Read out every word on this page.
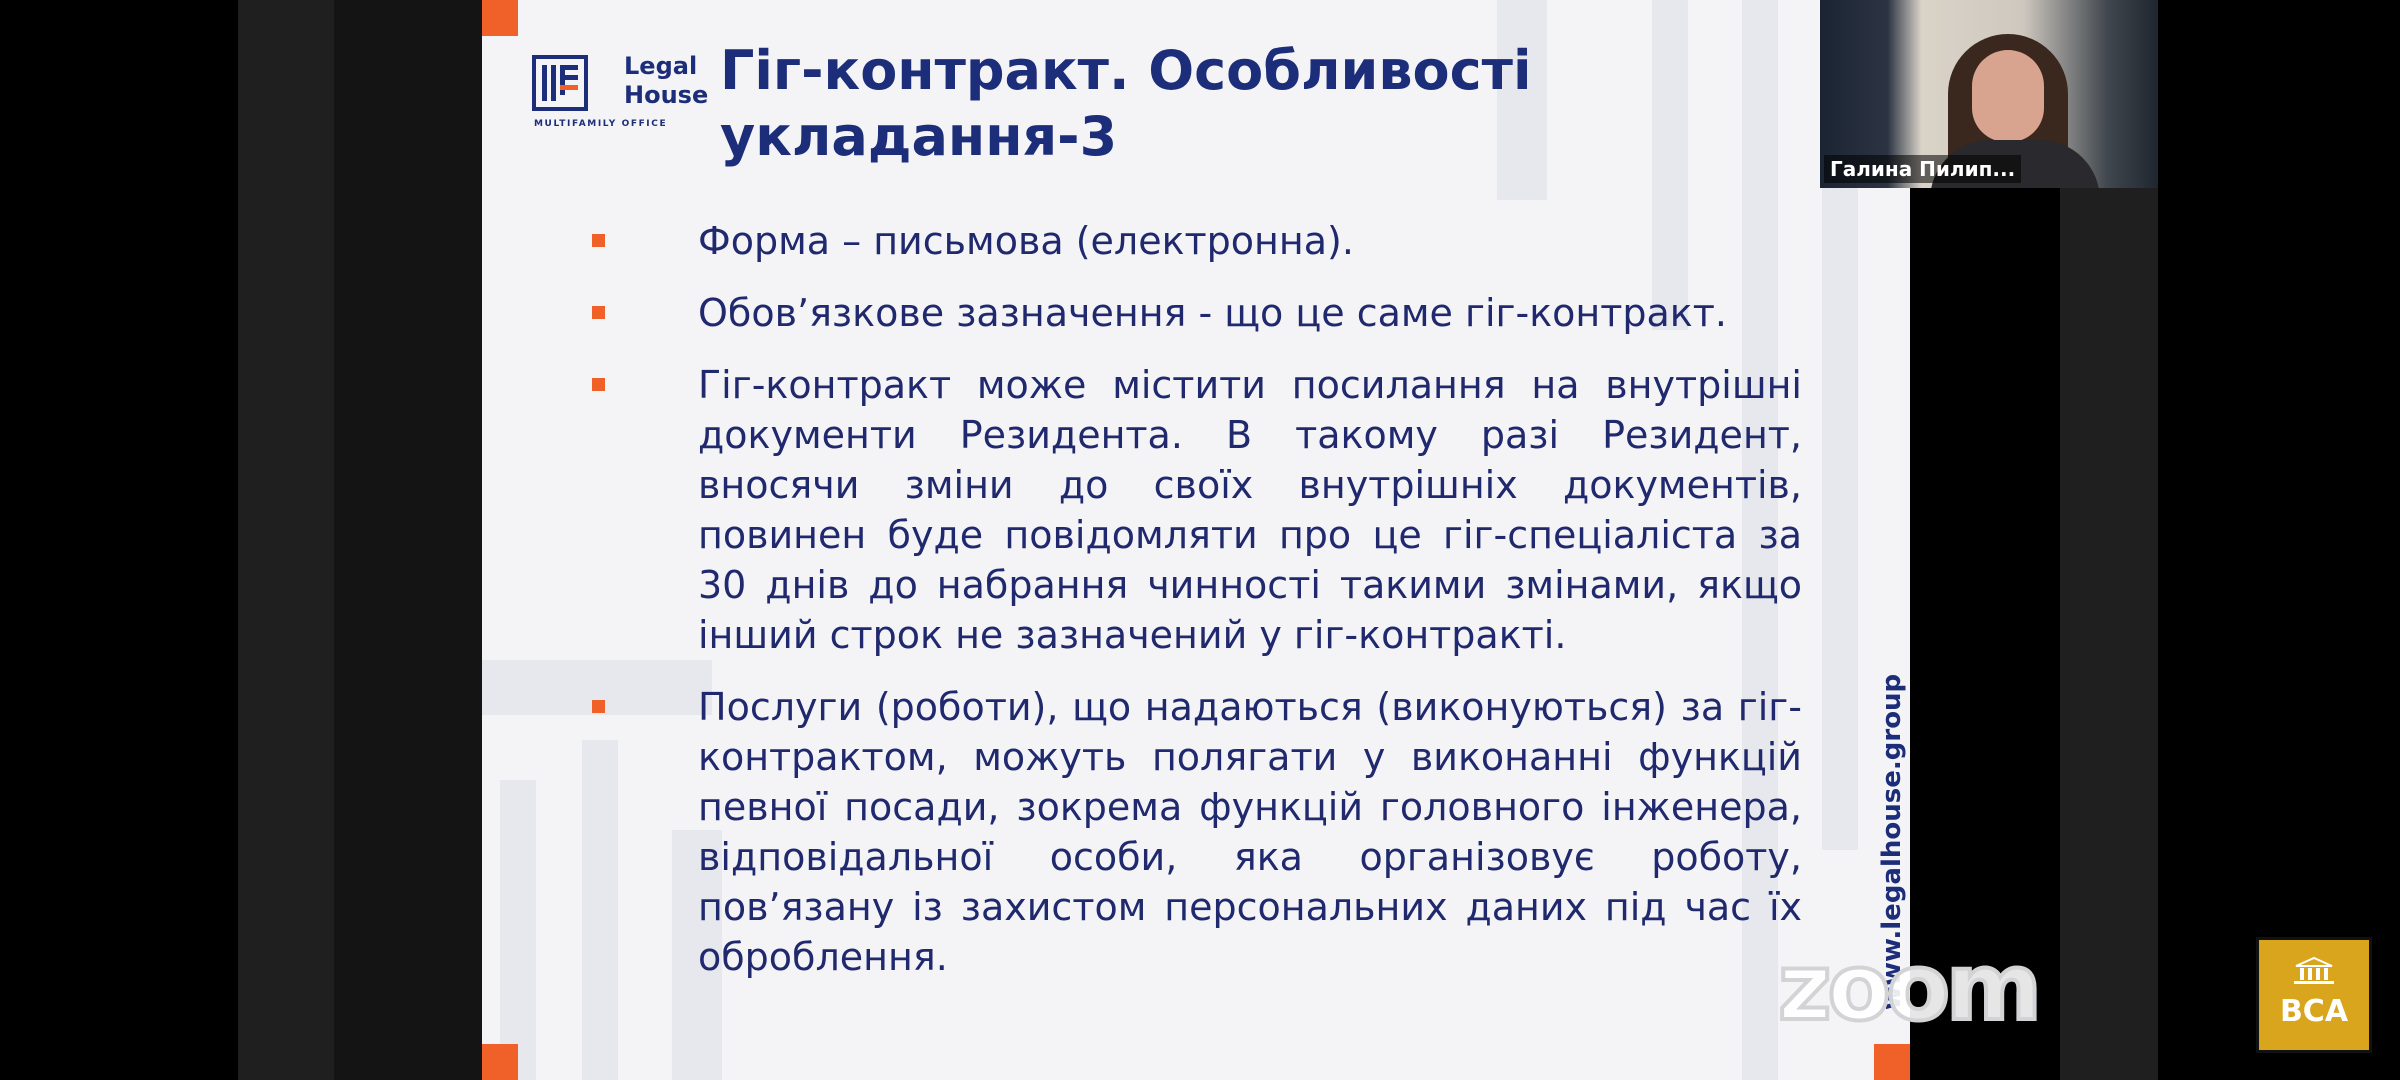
Legal
House
MULTIFAMILY OFFICE
Гіг-контракт. Особливості укладання-3
Форма – письмова (електронна).
Обов’язкове зазначення - що це саме гіг-контракт.
Гіг-контракт може містити посилання на внутрішні документи Резидента. В такому разі Резидент, вносячи зміни до своїх внутрішніх документів, повинен буде повідомляти про це гіг-спеціаліста за 30 днів до набрання чинності такими змінами, якщо інший строк не зазначений у гіг-контракті.
Послуги (роботи), що надаються (виконуються) за гіг-контрактом, можуть полягати у виконанні функцій певної посади, зокрема функцій головного інженера, відповідальної особи, яка організовує роботу, пов’язану із захистом персональних даних під час їх оброблення.	www.legalhouse.group
zoom
Галина Пилип...
BCA
